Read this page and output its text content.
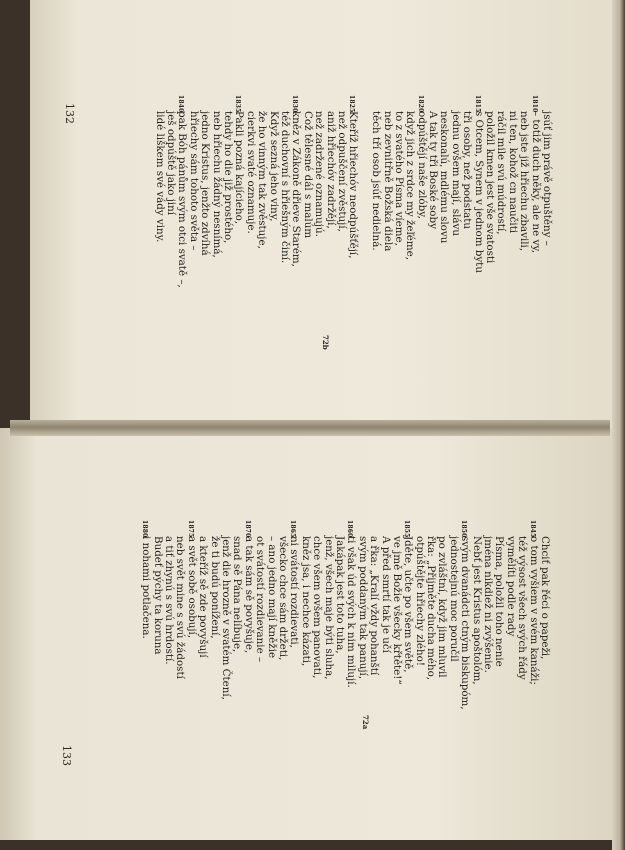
jsúť jim právě otpuštěny –
1810
– totiž duch něký, ale ne vy,
neb jste již hřiechu zbavili,
ni ten, kohož cn naučiti
ráčil mile svú múdrostí,
položil kmen jest vše svatosti
1815
s Otcem, Synem v jednom bytu
tři osoby, než podstatu
jednu ovšem mají, slávu
neskonalú, mdlému slovu
A tak ty tři Boské soby
1820
odpúštějí naše zlóby,
když jich z srdce my žeľéme,
to z svatého Písma víeme,
neb zevnitřně Božská diela
těch tří osob jsúť nedielná.
1825
Kteříž hřiechóv neodpúšťějí,
než odpuščení zvěstují,
aniž hřiechóv zadržějí,
než zadržené oznamujú.
Což tělesné dál s malúm
1830
kněz v Zákoně dřieve Starém,
též duchovní s hřiešným činí.
Když sezná jeho viny,
že ho vinným tak zvěstuje,
cierkvi svaté oznamuje.
1835
Pakli pozná kajícieho,
tehdy ho die již prostého,
neb hřiechu žádný nesnímá,
jedno Kristus, jenžto zdvíhá
hřiechy sám tohoto světa –
1840
pak Bóh pánům svým otci svatě –,
ješ odpúště jako jiní
lidé liškem své vády viny.
Chciť pak řéci o papeži,
1845
o tom vyšiem v svém kanáži;
též výsost všech svých řády
vymělíti podle rady
Písma, položil toho nenie
jména nikdiež ni zvýšenie.
Nebť jest Kristus apoštolóm,
1850
svým dvanádcti ctným biskupóm,
jednostejnú moc poručil
po zvláštní, když jim mluvil
řka: „Přijměte ducha mého,
otpúštějte hřiechy zlého!
1855
Jděte, učte po všem světě,
ve jmě Božie všecky křtěte!“
A před smrtí tak je učí
a řka: „Kralí vždy pohanští
svým poddaným tak panují,
1860
ti však úd svých k nim milují.
Jakápak jest toto tuha,
jenž, všech maje býti sluha,
chce všem ovšem panovati,
kněz jsa, i nechce kázati,
1865
ni svátostí rozdievati,
všecko chce sám držeti,
– ano jedno mají kněžie
ot svátostí rozdievanie –
1870
a tak sám sě povyšuje,
snad sě Pána nelíbuje,
jenž die hrozně v svatém Čtení,
že ti budú ponížení,
a kteříž sě zde povyšují
1875
a svět sobě osobují,
neb svět mine s svú žádostí
a tiť zhynú s svú hrdostí.
Budeť pýchy ta koruna
1880
i nohami potlačena.
132
133
72b
72a
